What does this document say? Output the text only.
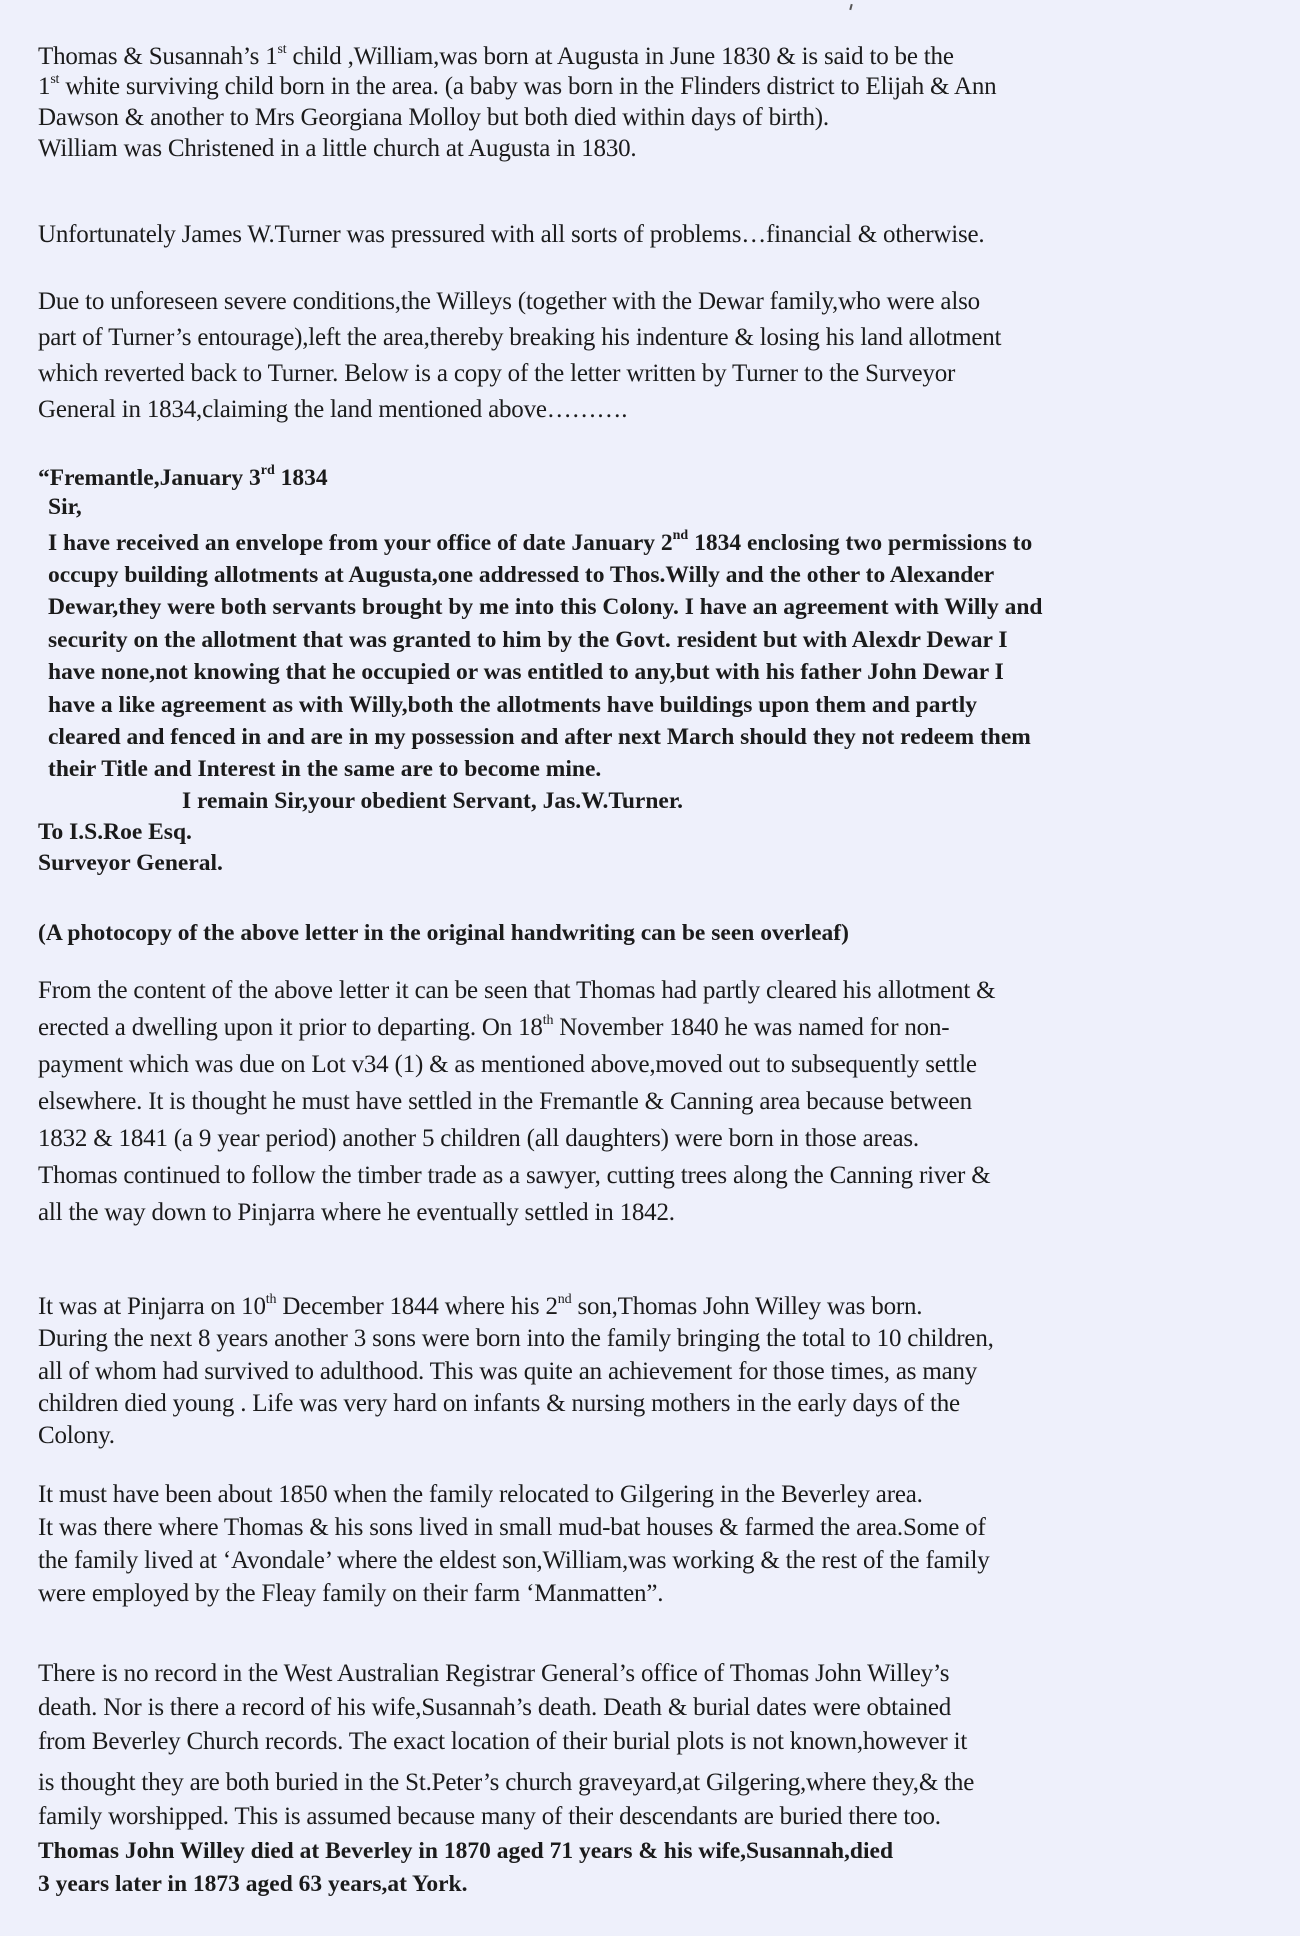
Thomas & Susannah’s 1st child ,William,was born at Augusta in June 1830 & is said to be the
1st white surviving child born in the area. (a baby was born in the Flinders district to Elijah & Ann
Dawson & another to Mrs Georgiana Molloy but both died within days of birth).
William was Christened in a little church at Augusta in 1830.
Unfortunately James W.Turner was pressured with all sorts of problems…financial & otherwise.
Due to unforeseen severe conditions,the Willeys (together with the Dewar family,who were also
part of Turner’s entourage),left the area,thereby breaking his indenture & losing his land allotment
which reverted back to Turner. Below is a copy of the letter written by Turner to the Surveyor
General in 1834,claiming the land mentioned above……….
“Fremantle,January 3rd 1834
Sir,
I have received an envelope from your office of date January 2nd 1834 enclosing two permissions to
occupy building allotments at Augusta,one addressed to Thos.Willy and the other to Alexander
Dewar,they were both servants brought by me into this Colony. I have an agreement with Willy and
security on the allotment that was granted to him by the Govt. resident but with Alexdr Dewar I
have none,not knowing that he occupied or was entitled to any,but with his father John Dewar I
have a like agreement as with Willy,both the allotments have buildings upon them and partly
cleared and fenced in and are in my possession and after next March should they not redeem them
their Title and Interest in the same are to become mine.
I remain Sir,your obedient Servant, Jas.W.Turner.
To I.S.Roe Esq.
Surveyor General.
(A photocopy of the above letter in the original handwriting can be seen overleaf)
From the content of the above letter it can be seen that Thomas had partly cleared his allotment &
erected a dwelling upon it prior to departing. On 18th November 1840 he was named for non-
payment which was due on Lot v34 (1) & as mentioned above,moved out to subsequently settle
elsewhere. It is thought he must have settled in the Fremantle & Canning area because between
1832 & 1841 (a 9 year period) another 5 children (all daughters) were born in those areas.
Thomas continued to follow the timber trade as a sawyer, cutting trees along the Canning river &
all the way down to Pinjarra where he eventually settled in 1842.
It was at Pinjarra on 10th December 1844 where his 2nd son,Thomas John Willey was born.
During the next 8 years another 3 sons were born into the family bringing the total to 10 children,
all of whom had survived to adulthood. This was quite an achievement for those times, as many
children died young . Life was very hard on infants & nursing mothers in the early days of the
Colony.
It must have been about 1850 when the family relocated to Gilgering in the Beverley area.
It was there where Thomas & his sons lived in small mud-bat houses & farmed the area.Some of
the family lived at ‘Avondale’ where the eldest son,William,was working & the rest of the family
were employed by the Fleay family on their farm ‘Manmatten”.
There is no record in the West Australian Registrar General’s office of Thomas John Willey’s
death. Nor is there a record of his wife,Susannah’s death. Death & burial dates were obtained
from Beverley Church records. The exact location of their burial plots is not known,however it
is thought they are both buried in the St.Peter’s church graveyard,at Gilgering,where they,& the
family worshipped. This is assumed because many of their descendants are buried there too.
Thomas John Willey died at Beverley in 1870 aged 71 years & his wife,Susannah,died
3 years later in 1873 aged 63 years,at York.
